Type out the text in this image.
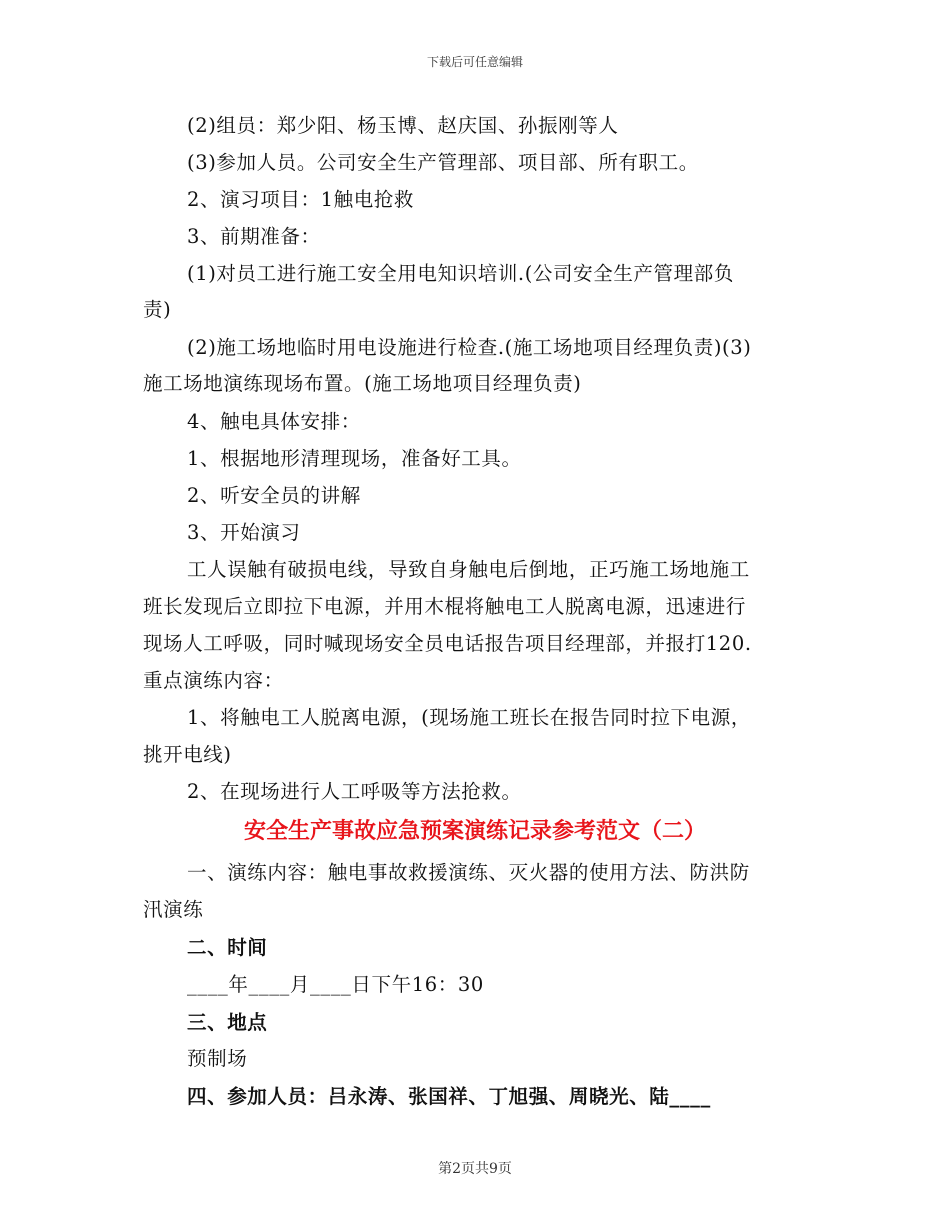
下载后可任意编辑
(2)组员：郑少阳、杨玉博、赵庆国、孙振刚等人
(3)参加人员。公司安全生产管理部、项目部、所有职工。
2、演习项目：1触电抢救
3、前期准备：
(1)对员工进行施工安全用电知识培训.(公司安全生产管理部负
责)
(2)施工场地临时用电设施进行检查.(施工场地项目经理负责)(3)
施工场地演练现场布置。(施工场地项目经理负责)
4、触电具体安排：
1、根据地形清理现场，准备好工具。
2、听安全员的讲解
3、开始演习
工人误触有破损电线，导致自身触电后倒地，正巧施工场地施工
班长发现后立即拉下电源，并用木棍将触电工人脱离电源，迅速进行
现场人工呼吸，同时喊现场安全员电话报告项目经理部，并报打120.
重点演练内容：
1、将触电工人脱离电源，(现场施工班长在报告同时拉下电源，
挑开电线)
2、在现场进行人工呼吸等方法抢救。
安全生产事故应急预案演练记录参考范文（二）
一、演练内容：触电事故救援演练、灭火器的使用方法、防洪防
汛演练
二、时间
____年____月____日下午16：30
三、地点
预制场
四、参加人员：吕永涛、张国祥、丁旭强、周晓光、陆____
第2页共9页
